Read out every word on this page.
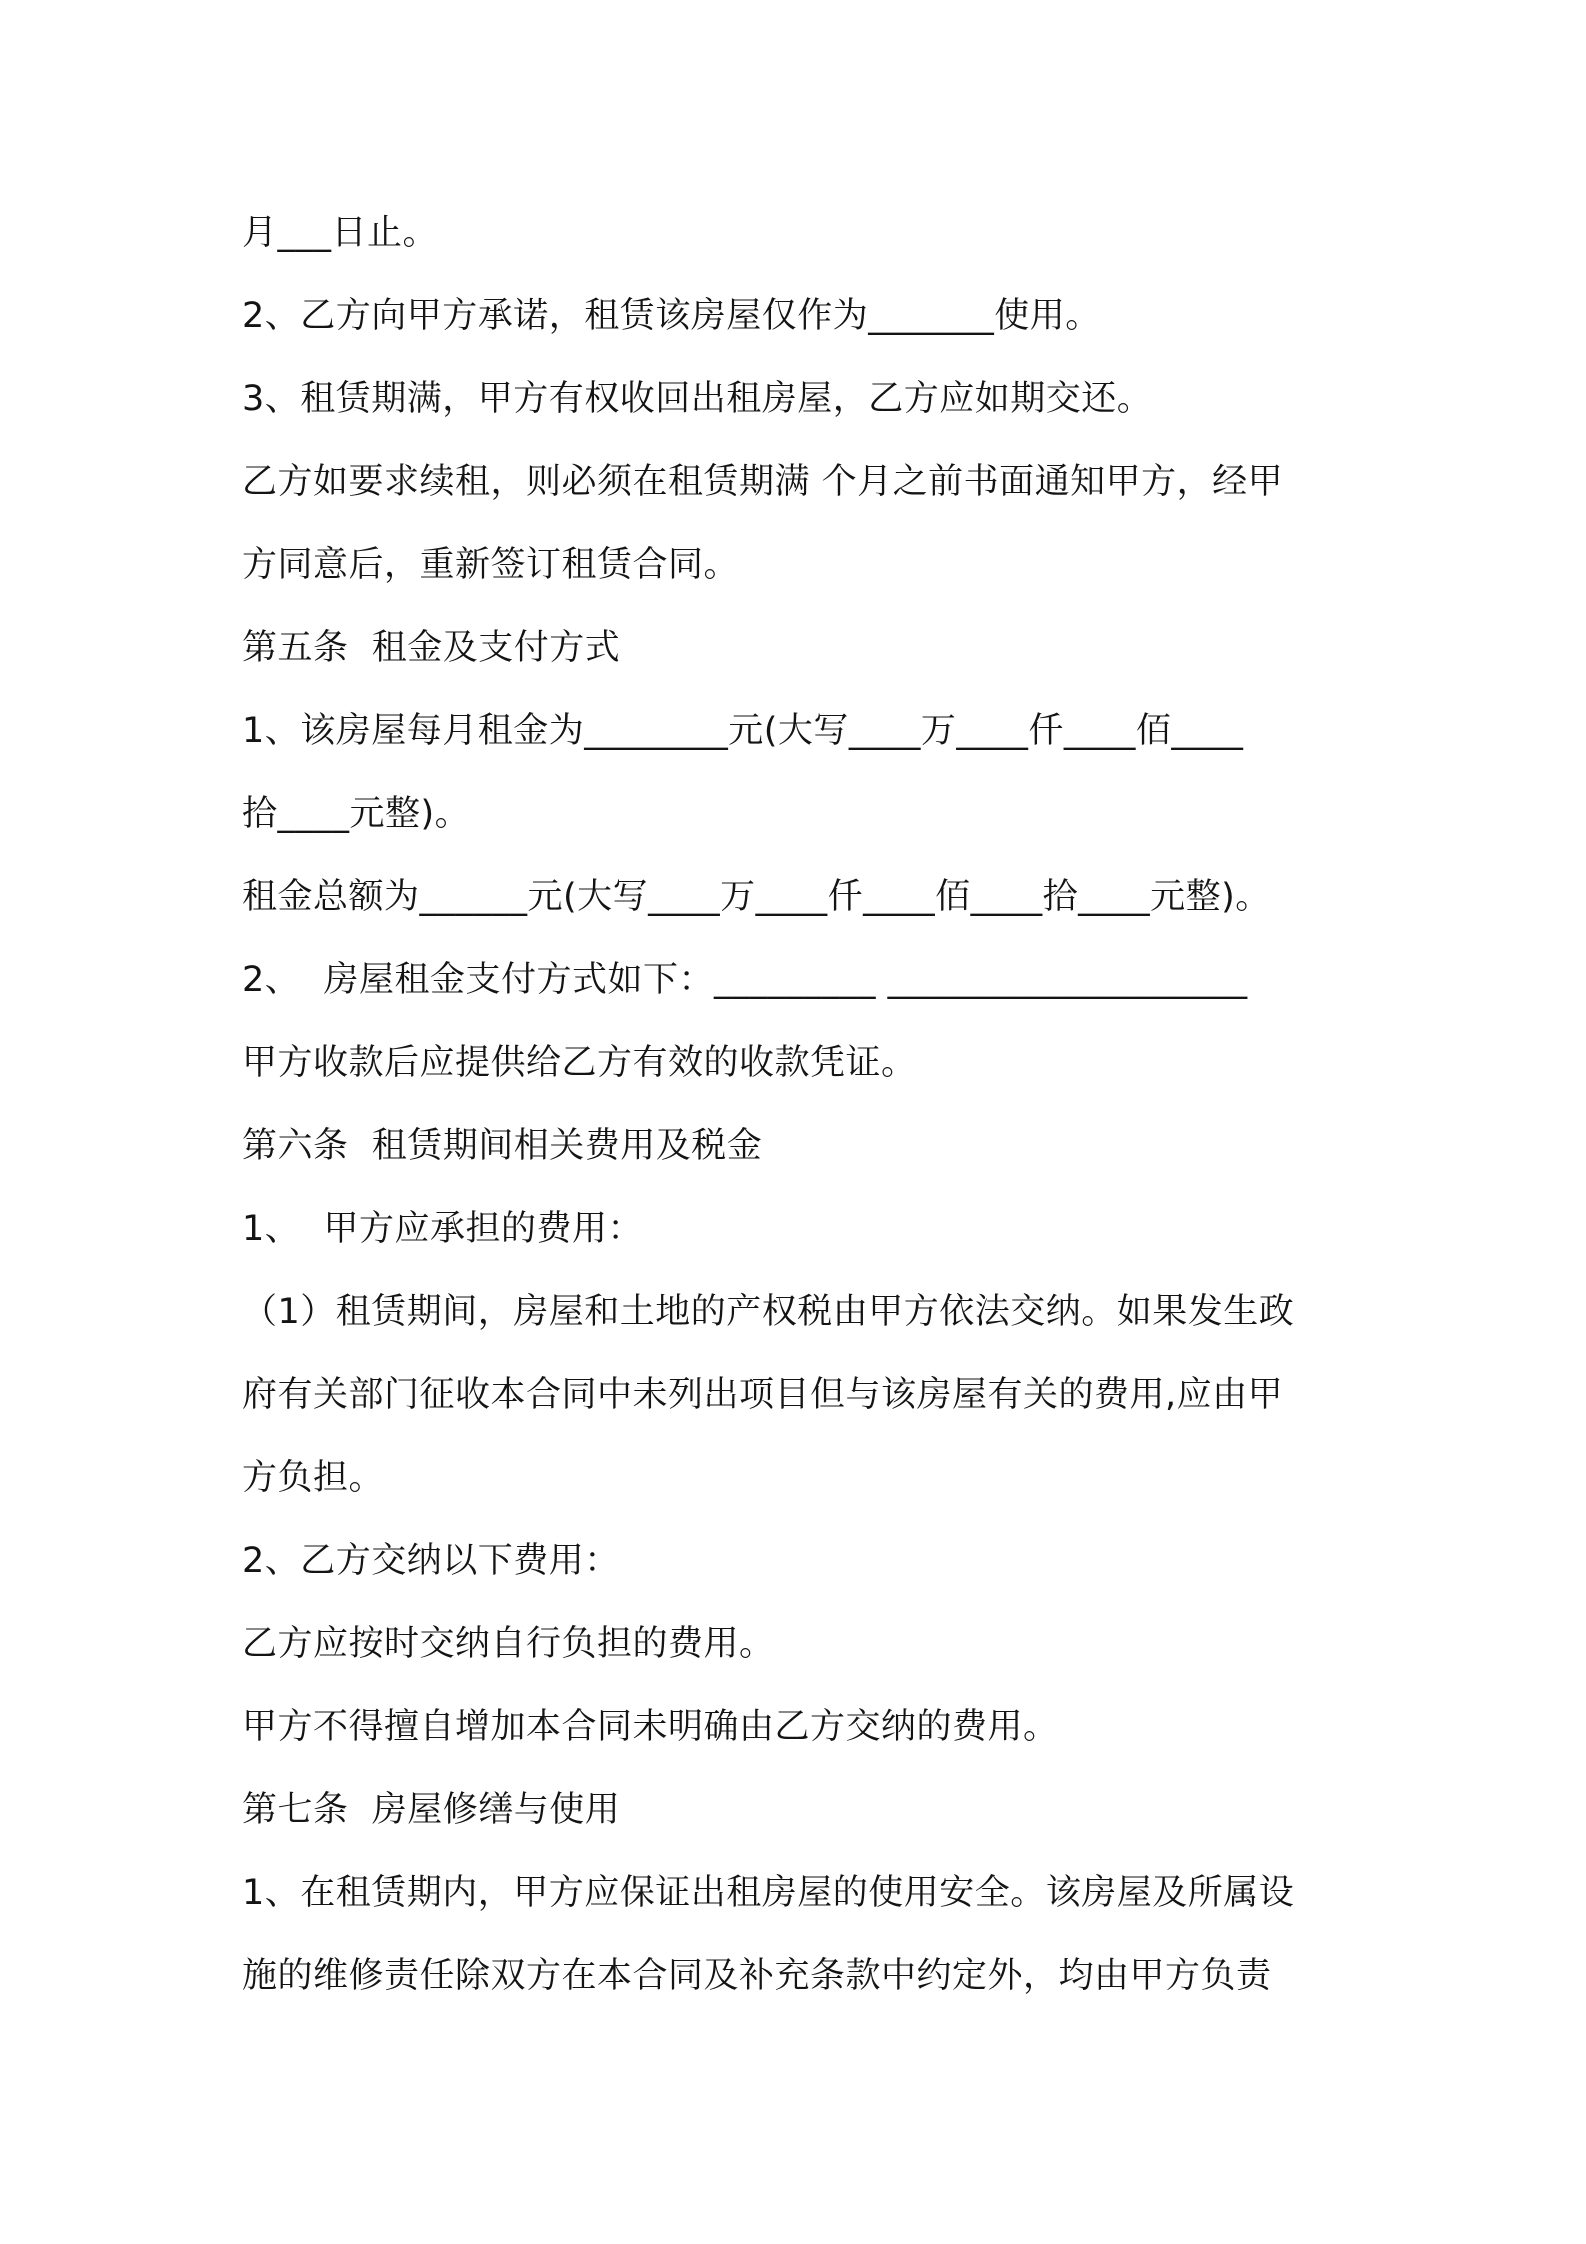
月___日止。
2、乙方向甲方承诺，租赁该房屋仅作为_______使用。
3、租赁期满，甲方有权收回出租房屋，乙方应如期交还。
乙方如要求续租，则必须在租赁期满 个月之前书面通知甲方，经甲
方同意后，重新签订租赁合同。
第五条  租金及支付方式
1、该房屋每月租金为________元(大写____万____仟____佰____
拾____元整)。
租金总额为______元(大写____万____仟____佰____拾____元整)。
2、  房屋租金支付方式如下：_________ ____________________
甲方收款后应提供给乙方有效的收款凭证。
第六条  租赁期间相关费用及税金
1、  甲方应承担的费用：
（1）租赁期间，房屋和土地的产权税由甲方依法交纳。如果发生政
府有关部门征收本合同中未列出项目但与该房屋有关的费用,应由甲
方负担。
2、乙方交纳以下费用：
乙方应按时交纳自行负担的费用。
甲方不得擅自增加本合同未明确由乙方交纳的费用。
第七条  房屋修缮与使用
1、在租赁期内，甲方应保证出租房屋的使用安全。该房屋及所属设
施的维修责任除双方在本合同及补充条款中约定外，均由甲方负责
